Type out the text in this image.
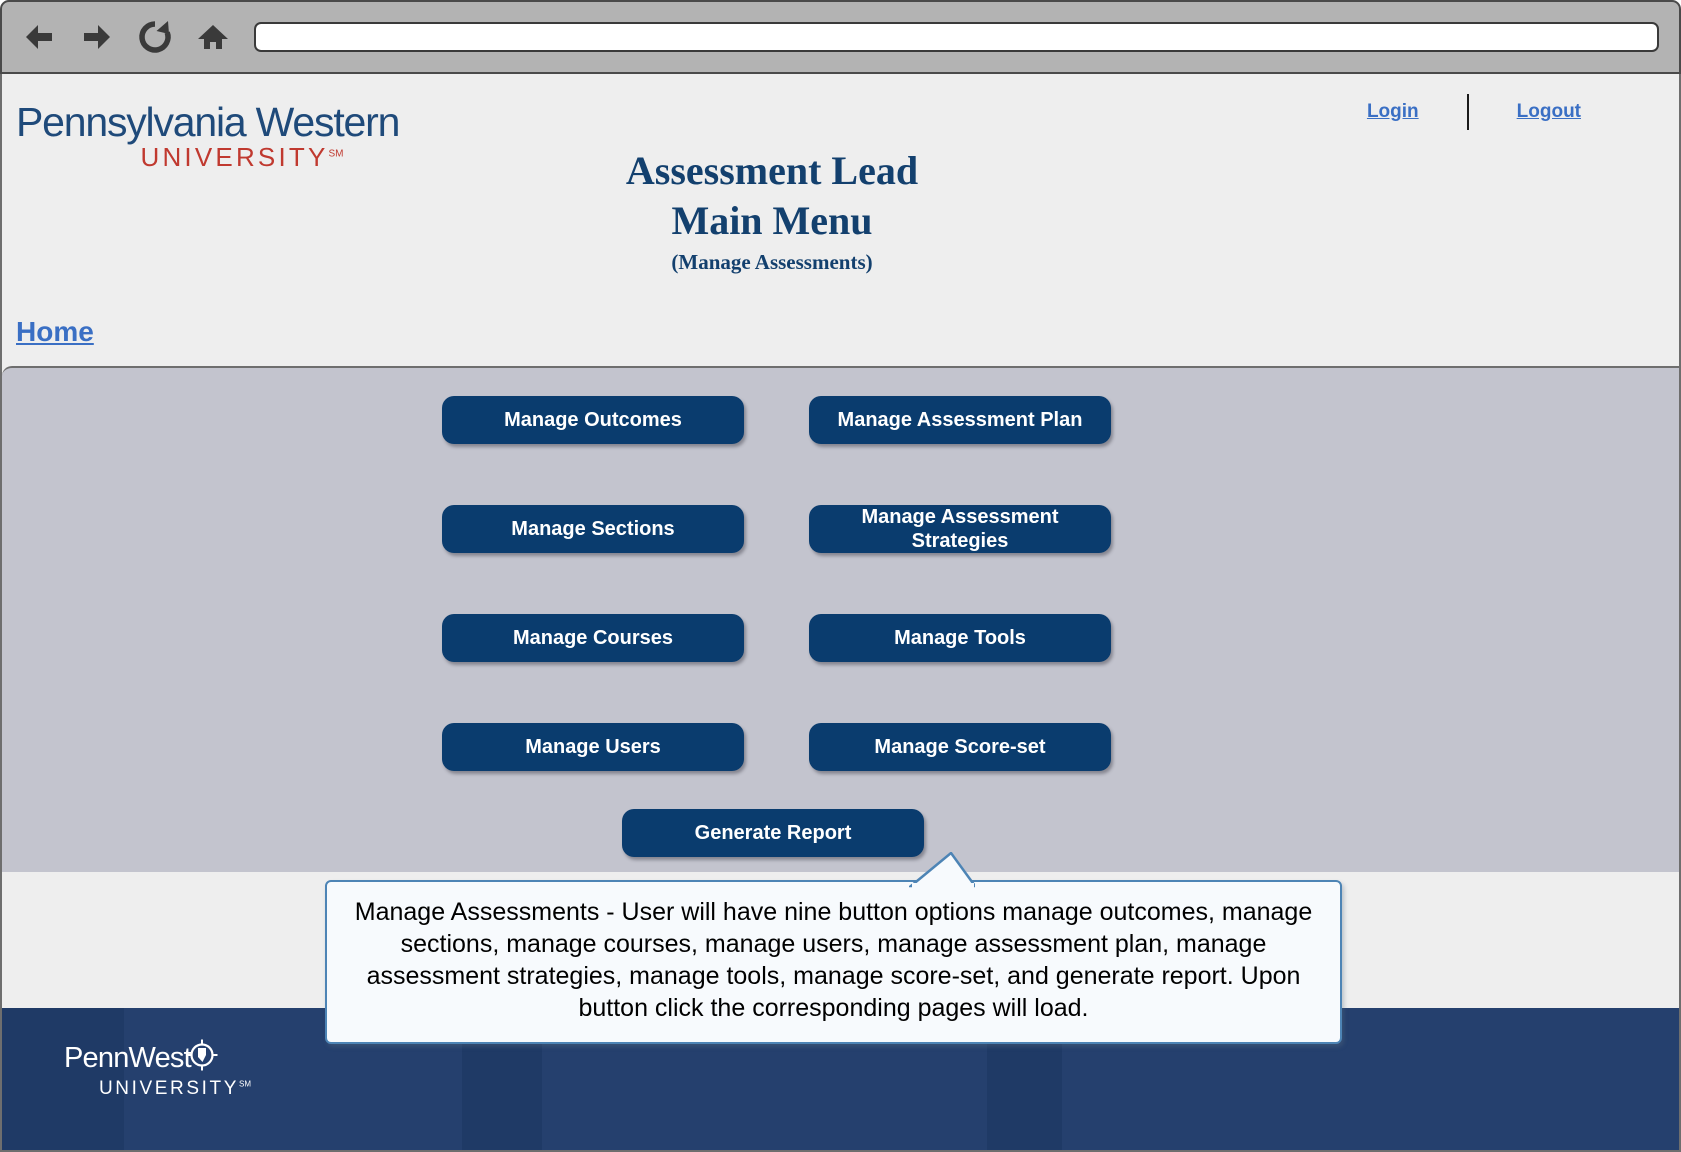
Pennsylvania Western
UNIVERSITY℠
Login	Logout
Assessment Lead
Main Menu
(Manage Assessments)
Home
Manage Outcomes	Manage Assessment Plan
Manage Sections
Manage Assessment Strategies
Manage Courses	Manage Tools
Manage Users	Manage Score-set
Generate Report
Manage Assessments - User will have nine button options manage outcomes, manage sections, manage courses, manage users, manage assessment plan, manage assessment strategies, manage tools, manage score-set, and generate report. Upon button click the corresponding pages will load.
PennWest
UNIVERSITY℠
